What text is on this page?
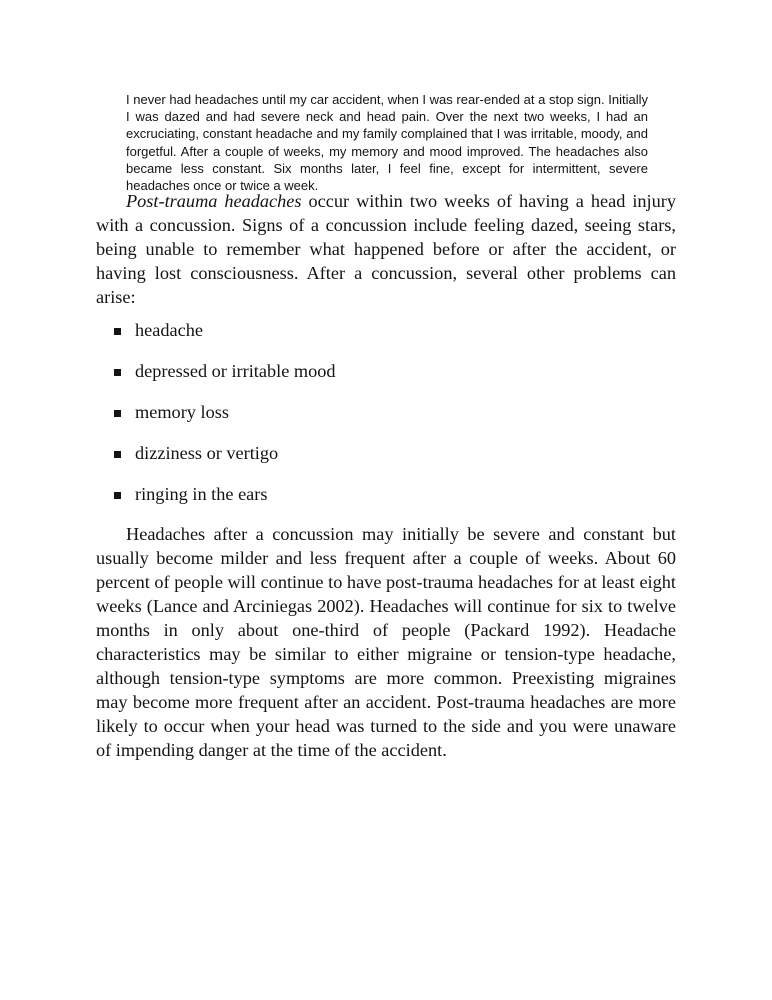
I never had headaches until my car accident, when I was rear-ended at a stop sign. Initially I was dazed and had severe neck and head pain. Over the next two weeks, I had an excruciating, constant headache and my family complained that I was irritable, moody, and forgetful. After a couple of weeks, my memory and mood improved. The headaches also became less constant. Six months later, I feel fine, except for intermittent, severe headaches once or twice a week.

Post-trauma headaches occur within two weeks of having a head injury with a concussion. Signs of a concussion include feeling dazed, seeing stars, being unable to remember what happened before or after the accident, or having lost consciousness. After a concussion, several other problems can arise:

headache
depressed or irritable mood
memory loss
dizziness or vertigo
ringing in the ears

Headaches after a concussion may initially be severe and constant but usually become milder and less frequent after a couple of weeks. About 60 percent of people will continue to have post-trauma headaches for at least eight weeks (Lance and Arciniegas 2002). Headaches will continue for six to twelve months in only about one-third of people (Packard 1992). Headache characteristics may be similar to either migraine or tension-type headache, although tension-type symptoms are more common. Preexisting migraines may become more frequent after an accident. Post-trauma headaches are more likely to occur when your head was turned to the side and you were unaware of impending danger at the time of the accident.
